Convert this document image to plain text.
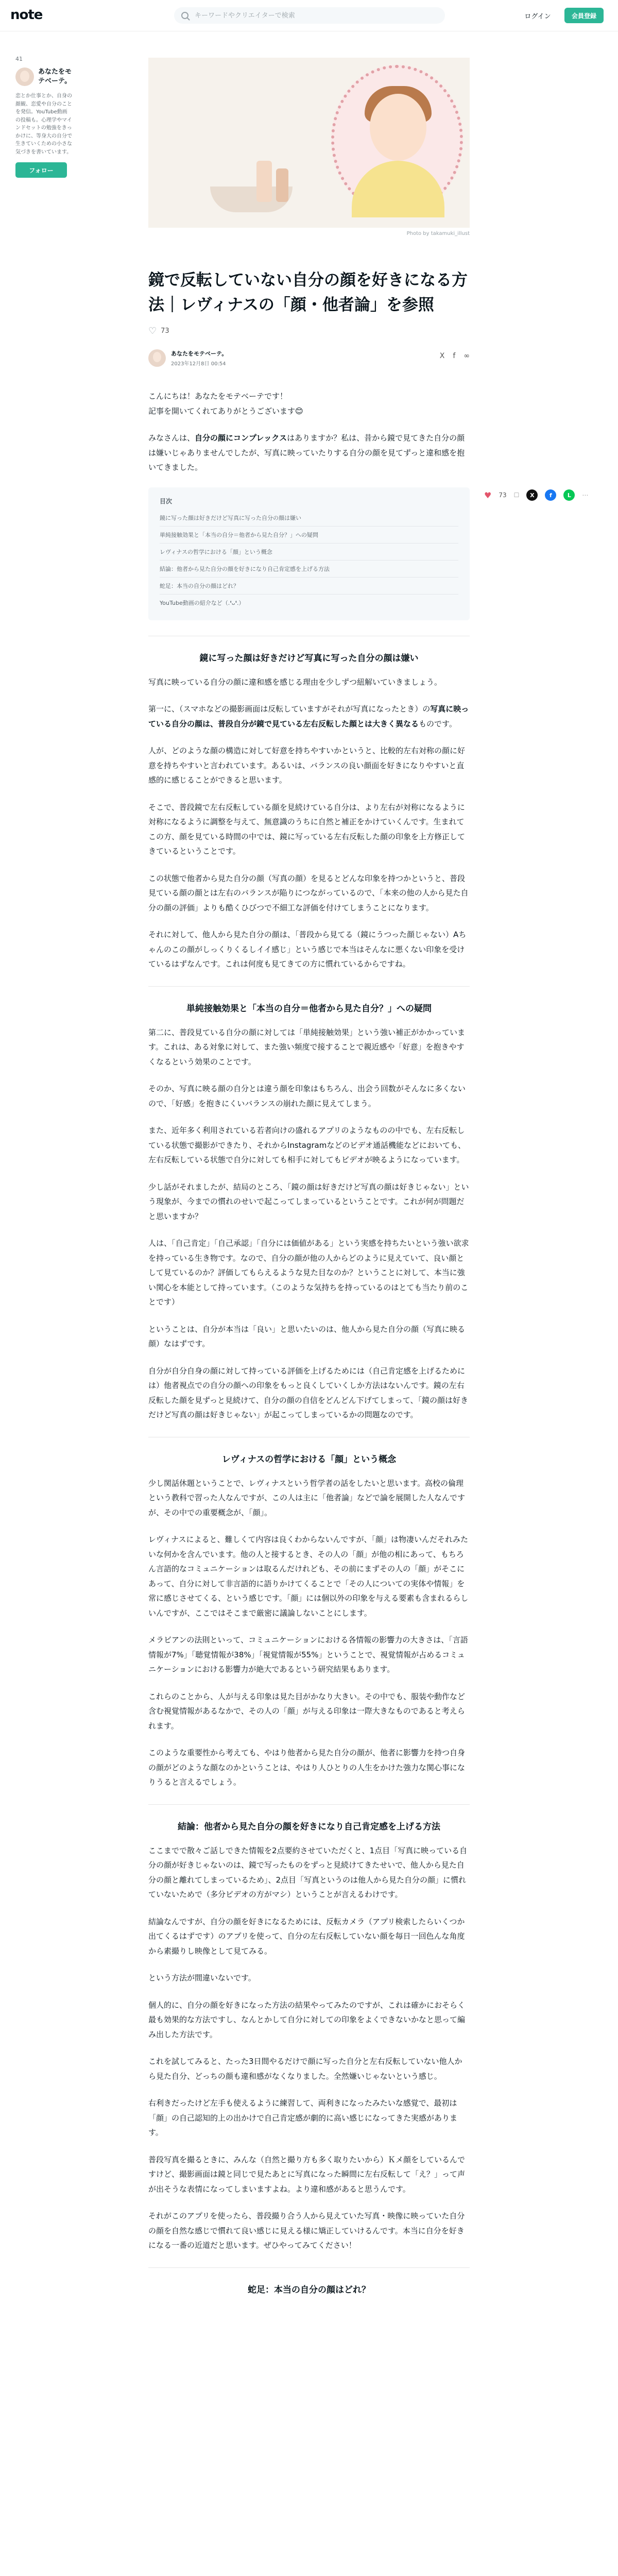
note
キーワードやクリエイターで検索	ログイン	会員登録
41
あなたをモテベーテ。
恋とか仕事とか、自身の顔観、恋愛や自分のことを発信。YouTube動画の投稿も。心理学やマインドセットの勉強をきっかけに、等身大の自分で生きていくための小さな気づきを書いています。
フォロー
Photo by takamuki_illust
鏡で反転していない自分の顔を好きになる方法｜レヴィナスの「顔・他者論」を参照
♡ 73
あなたをモテベーテ。
2023年12月8日 00:54
X f ∞

こんにちは！あなたをモテベーテです！

記事を開いてくれてありがとうございます😊

みなさんは、自分の顔にコンプレックスはありますか？私は、昔から鏡で見てきた自分の顔は嫌いじゃありませんでしたが、写真に映っていたりする自分の顔を見てずっと違和感を抱いてきました。

目次
鏡に写った顔は好きだけど写真に写った自分の顔は嫌い
単純接触効果と「本当の自分＝他者から見た自分？」への疑問
レヴィナスの哲学における「顔」という概念
結論：他者から見た自分の顔を好きになり自己肯定感を上げる方法
蛇足：本当の自分の顔はどれ？
YouTube動画の紹介など（.❛ᴗ❛.）
鏡に写った顔は好きだけど写真に写った自分の顔は嫌い

写真に映っている自分の顔に違和感を感じる理由を少しずつ紐解いていきましょう。

第一に、（スマホなどの撮影画面は反転していますがそれが写真になったとき）の写真に映っている自分の顔は、普段自分が鏡で見ている左右反転した顔とは大きく異なるものです。

人が、どのような顔の構造に対して好意を持ちやすいかというと、比較的左右対称の顔に好意を持ちやすいと言われています。あるいは、バランスの良い顔面を好きになりやすいと直感的に感じることができると思います。

そこで、普段鏡で左右反転している顔を見続けている自分は、より左右が対称になるように対称になるように調整を与えて、無意識のうちに自然と補正をかけていくんです。生まれてこの方、顔を見ている時間の中では、鏡に写っている左右反転した顔の印象を上方修正してきているということです。

この状態で他者から見た自分の顔（写真の顔）を見るとどんな印象を持つかというと、普段見ている顔の顔とは左右のバランスが陥りにつながっているので、「本来の他の人から見た自分の顔の評価」よりも酷くひびつで不細工な評価を付けてしまうことになります。

それに対して、他人から見た自分の顔は、「普段から見てる（鏡にうつった顔じゃない）Aちゃんのこの顔がしっくりくるしイイ感じ」という感じで本当はそんなに悪くない印象を受けているはずなんです。これは何度も見てきての方に慣れているからですね。

単純接触効果と「本当の自分＝他者から見た自分？」への疑問

第二に、普段見ている自分の顔に対しては「単純接触効果」という強い補正がかかっています。これは、ある対象に対して、また強い頻度で接することで親近感や「好意」を抱きやすくなるという効果のことです。

そのか、写真に映る顔の自分とは違う顔を印象はもちろん、出会う回数がそんなに多くないので、「好感」を抱きにくいバランスの崩れた顔に見えてしまう。

また、近年多く利用されている若者向けの盛れるアプリのようなものの中でも、左右反転している状態で撮影ができたり、それからInstagramなどのビデオ通話機能などにおいても、左右反転している状態で自分に対しても相手に対してもビデオが映るようになっています。

少し話がそれましたが、結局のところ、「鏡の顔は好きだけど写真の顔は好きじゃない」という現象が、今までの慣れのせいで起こってしまっているということです。これが何が問題だと思いますか？

人は、「自己肯定」「自己承認」「自分には価値がある」という実感を持ちたいという強い欲求を持っている生き物です。なので、自分の顔が他の人からどのように見えていて、良い顔として見ているのか？評価してもらえるような見た目なのか？ということに対して、本当に強い関心を本能として持っています。（このような気持ちを持っているのはとても当たり前のことです）

ということは、自分が本当は「良い」と思いたいのは、他人から見た自分の顔（写真に映る顔）なはずです。

自分が自分自身の顔に対して持っている評価を上げるためには（自己肯定感を上げるためには）他者視点での自分の顔への印象をもっと良くしていくしか方法はないんです。鏡の左右反転した顔を見ずっと見続けて、自分の顔の自信をどんどん下げてしまって、「鏡の顔は好きだけど写真の顔は好きじゃない」が起こってしまっているかの問題なのです。

レヴィナスの哲学における「顔」という概念

少し関話休題ということで、レヴィナスという哲学者の話をしたいと思います。高校の倫理という教科で習った人なんですが、この人は主に「他者論」などで論を展開した人なんですが、その中での重要概念が、「顔」。

レヴィナスによると、難しくて内容は良くわからないんですが、「顔」は物凄いんだそれみたいな何かを含んでいます。他の人と接するとき、その人の「顔」が他の相にあって、もちろん言語的なコミュニケーションは取るんだけれども、その前にまずその人の「顔」がそこにあって、自分に対して非言語的に語りかけてくることで「その人についての実体や情報」を常に感じさせてくる、という感じです。「顔」には個以外の印象を与える要素も含まれるらしいんですが、ここではそこまで厳密に議論しないことにします。

メラビアンの法則といって、コミュニケーションにおける各情報の影響力の大きさは、「言語情報が7%」「聴覚情報が38%」「視覚情報が55%」ということで、視覚情報が占めるコミュニケーションにおける影響力が絶大であるという研究結果もあります。

これらのことから、人が与える印象は見た目がかなり大きい。その中でも、服装や動作など含む視覚情報があるなかで、その人の「顔」が与える印象は一際大きなものであると考えられます。

このような重要性から考えても、やはり他者から見た自分の顔が、他者に影響力を持つ自身の顔がどのような顔なのかということは、やはり人ひとりの人生をかけた強力な関心事になりうると言えるでしょう。

結論：他者から見た自分の顔を好きになり自己肯定感を上げる方法

ここまでで散々ご話しできた情報を2点要約させていただくと、1点目「写真に映っている自分の顔が好きじゃないのは、鏡で写ったものをずっと見続けてきたせいで、他人から見た自分の顔と離れてしまっているため」、2点目「写真というのは他人から見た自分の顔」に慣れていないためで（多分ビデオの方がマシ）ということが言えるわけです。

結論なんですが、自分の顔を好きになるためには、反転カメラ（アプリ検索したらいくつか出てくるはずです）のアプリを使って、自分の左右反転していない顔を毎日一回色んな角度から素撮りし映像として見てみる。

という方法が間違いないです。

個人的に、自分の顔を好きになった方法の結果やってみたのですが、これは確かにおそらく最も効果的な方法ですし、なんとかして自分に対しての印象をよくできないかなと思って編み出した方法です。

これを試してみると、たった3日間やるだけで顔に写った自分と左右反転していない他人から見た自分、どっちの顔も違和感がなくなりました。全然嫌いじゃないという感じ。

右利きだったけど左手も使えるように練習して、両利きになったみたいな感覚で、最初は「顔」の自己認知的上の出かけで自己肯定感が劇的に高い感じになってきた実感があります。

普段写真を撮るときに、みんな（自然と撮り方も多く取りたいから）Ｋメ顔をしているんですけど、撮影画面は鏡と同じで見たあとに写真になった瞬間に左右反転して「え？」って声が出そうな表情になってしまいますよね。より違和感があると思うんです。

それがこのアプリを使ったら、普段撮り合う人から見えていた写真・映像に映っていた自分の顔を自然な感じで慣れて良い感じに見える様に矯正していけるんです。本当に自分を好きになる一番の近道だと思います。ぜひやってみてください！

蛇足：本当の自分の顔はどれ？
♥ 73 ☐	X	f	L	⋯
